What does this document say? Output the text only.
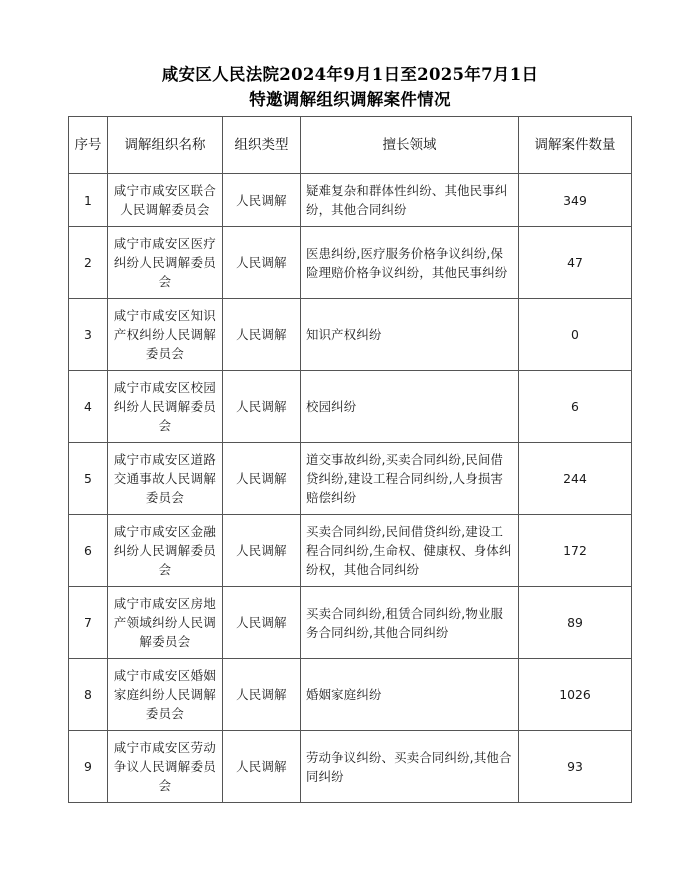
咸安区人民法院2024年9月1日至2025年7月1日
特邀调解组织调解案件情况
序号	调解组织名称	组织类型	擅长领域	调解案件数量
1	咸宁市咸安区联合人民调解委员会	人民调解	疑难复杂和群体性纠纷、其他民事纠纷，其他合同纠纷	349
2	咸宁市咸安区医疗纠纷人民调解委员会	人民调解	医患纠纷,医疗服务价格争议纠纷,保险理赔价格争议纠纷，其他民事纠纷	47
3	咸宁市咸安区知识产权纠纷人民调解委员会	人民调解	知识产权纠纷	0
4	咸宁市咸安区校园纠纷人民调解委员会	人民调解	校园纠纷	6
5	咸宁市咸安区道路交通事故人民调解委员会	人民调解	道交事故纠纷,买卖合同纠纷,民间借贷纠纷,建设工程合同纠纷,人身损害赔偿纠纷	244
6	咸宁市咸安区金融纠纷人民调解委员会	人民调解	买卖合同纠纷,民间借贷纠纷,建设工程合同纠纷,生命权、健康权、身体纠纷权，其他合同纠纷	172
7	咸宁市咸安区房地产领域纠纷人民调解委员会	人民调解	买卖合同纠纷,租赁合同纠纷,物业服务合同纠纷,其他合同纠纷	89
8	咸宁市咸安区婚姻家庭纠纷人民调解委员会	人民调解	婚姻家庭纠纷	1026
9	咸宁市咸安区劳动争议人民调解委员会	人民调解	劳动争议纠纷、买卖合同纠纷,其他合同纠纷	93
